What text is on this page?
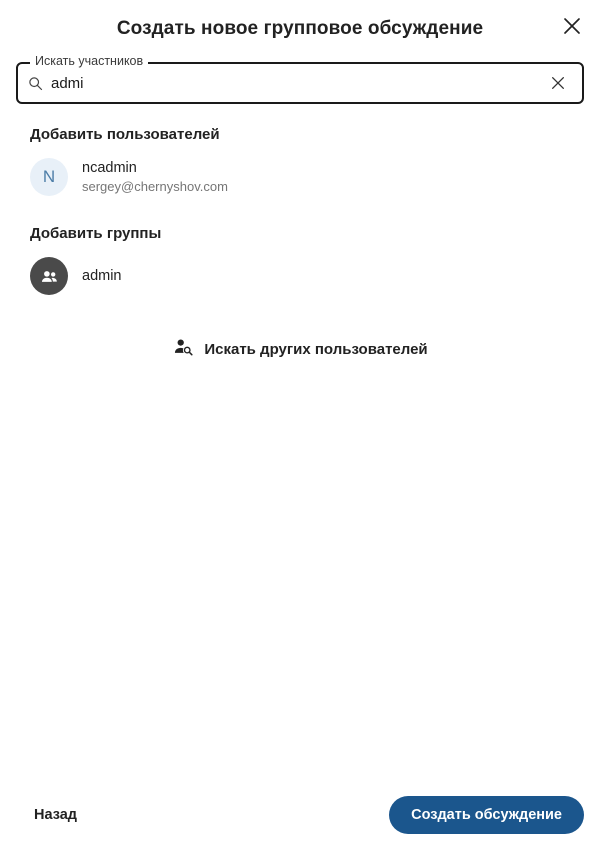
Создать новое групповое обсуждение
Искать участников
admi
Добавить пользователей
N	ncadmin
sergey@chernyshov.com
Добавить группы
admin
Искать других пользователей
Назад	Создать обсуждение
